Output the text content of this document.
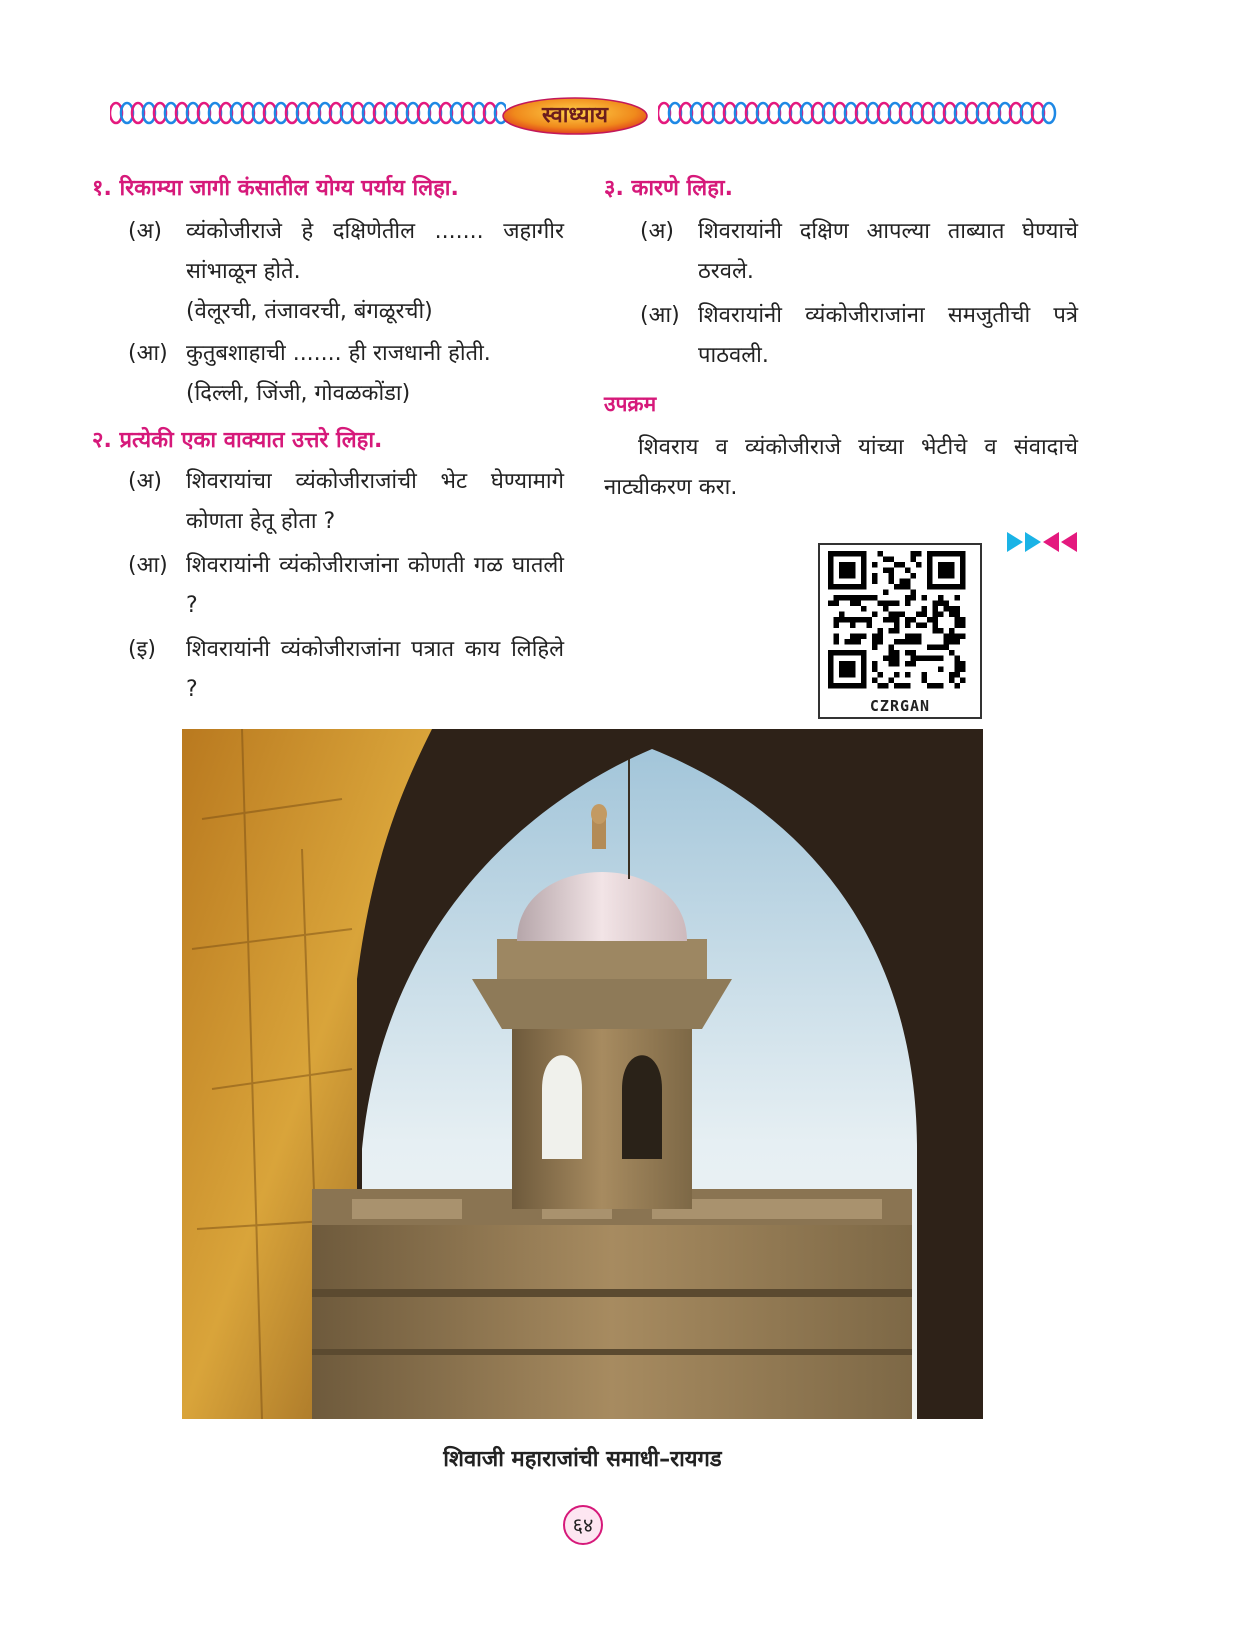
स्वाध्याय

१. रिकाम्या जागी कंसातील योग्य पर्याय लिहा.

(अ) व्यंकोजीराजे हे दक्षिणेतील ....... जहागीर सांभाळून होते.
(वेलूरची, तंजावरची, बंगळूरची)
(आ) कुतुबशाहाची ....... ही राजधानी होती.
(दिल्ली, जिंजी, गोवळकोंडा)

२. प्रत्येकी एका वाक्यात उत्तरे लिहा.

(अ) शिवरायांचा व्यंकोजीराजांची भेट घेण्यामागे कोणता हेतू होता ?
(आ) शिवरायांनी व्यंकोजीराजांना कोणती गळ घातली ?
(इ) शिवरायांनी व्यंकोजीराजांना पत्रात काय लिहिले ?

३. कारणे लिहा.

(अ) शिवरायांनी दक्षिण आपल्या ताब्यात घेण्याचे ठरवले.
(आ) शिवरायांनी व्यंकोजीराजांना समजुतीची पत्रे पाठवली.
उपक्रम
शिवराय व व्यंकोजीराजे यांच्या भेटीचे व संवादाचे नाट्यीकरण करा.
CZRGAN
शिवाजी महाराजांची समाधी–रायगड
६४
